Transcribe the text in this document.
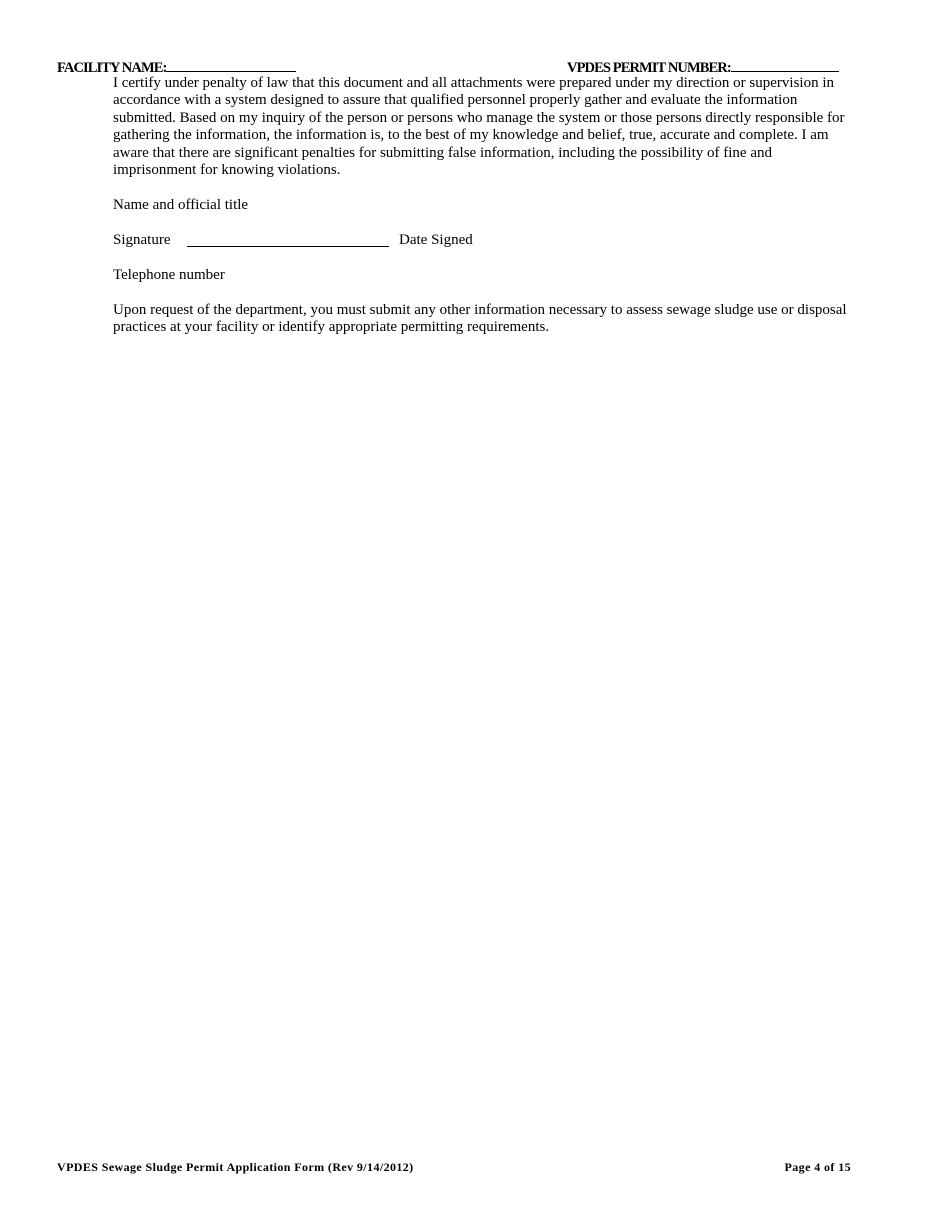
FACILITY NAME:	VPDES PERMIT NUMBER:

I certify under penalty of law that this document and all attachments were prepared under my direction or supervision in accordance with a system designed to assure that qualified personnel properly gather and evaluate the information submitted. Based on my inquiry of the person or persons who manage the system or those persons directly responsible for gathering the information, the information is, to the best of my knowledge and belief, true, accurate and complete. I am aware that there are significant penalties for submitting false information, including the possibility of fine and imprisonment for knowing violations.

Name and official title

Signature	Date Signed

Telephone number

Upon request of the department, you must submit any other information necessary to assess sewage sludge use or disposal practices at your facility or identify appropriate permitting requirements.

VPDES Sewage Sludge Permit Application Form (Rev 9/14/2012)	Page 4 of 15
